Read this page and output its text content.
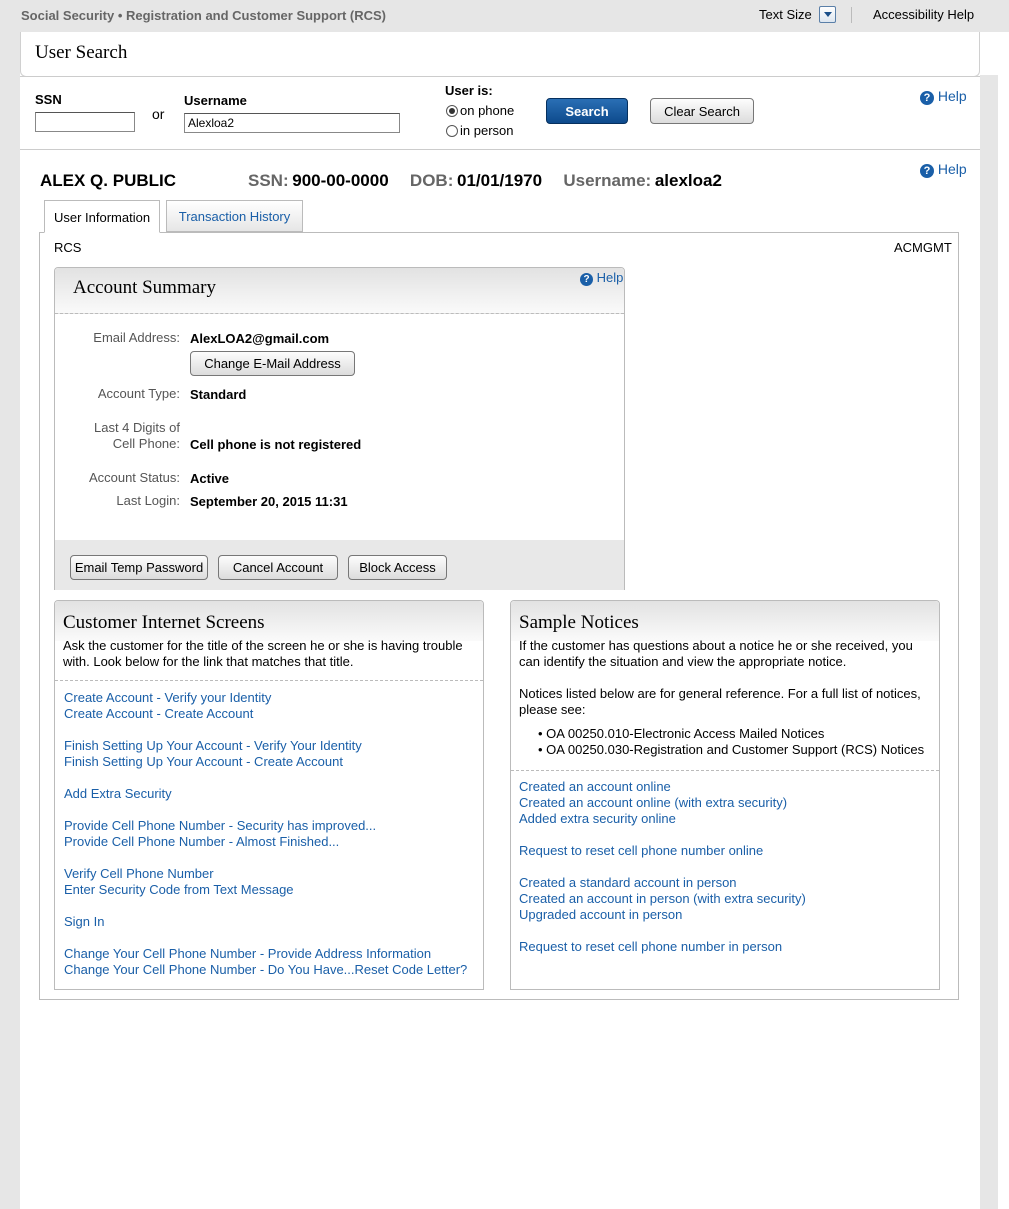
Social Security • Registration and Customer Support (RCS)	Text Size	Accessibility Help
User Search
SSN
or
Username
Alexloa2
User is:
on phone
in person
Search	Clear Search
? Help
ALEX Q. PUBLIC	SSN: 900-00-0000 DOB: 01/01/1970 Username: alexloa2	? Help
User Information	Transaction History
RCS	ACMGMT
Account Summary	? Help
Email Address: AlexLOA2@gmail.com
Change E-Mail Address
Account Type: Standard
Last 4 Digits of
Cell Phone: Cell phone is not registered
Account Status: Active
Last Login: September 20, 2015 11:31
Email Temp Password	Cancel Account	Block Access
Customer Internet Screens
Ask the customer for the title of the screen he or she is having trouble
with. Look below for the link that matches that title.
Create Account - Verify your Identity
Create Account - Create Account
Finish Setting Up Your Account - Verify Your Identity
Finish Setting Up Your Account - Create Account
Add Extra Security
Provide Cell Phone Number - Security has improved...
Provide Cell Phone Number - Almost Finished...
Verify Cell Phone Number
Enter Security Code from Text Message
Sign In
Change Your Cell Phone Number - Provide Address Information
Change Your Cell Phone Number - Do You Have...Reset Code Letter?
Sample Notices
If the customer has questions about a notice he or she received, you
can identify the situation and view the appropriate notice.
Notices listed below are for general reference. For a full list of notices,
please see:
• OA 00250.010-Electronic Access Mailed Notices
• OA 00250.030-Registration and Customer Support (RCS) Notices
Created an account online
Created an account online (with extra security)
Added extra security online
Request to reset cell phone number online
Created a standard account in person
Created an account in person (with extra security)
Upgraded account in person
Request to reset cell phone number in person
